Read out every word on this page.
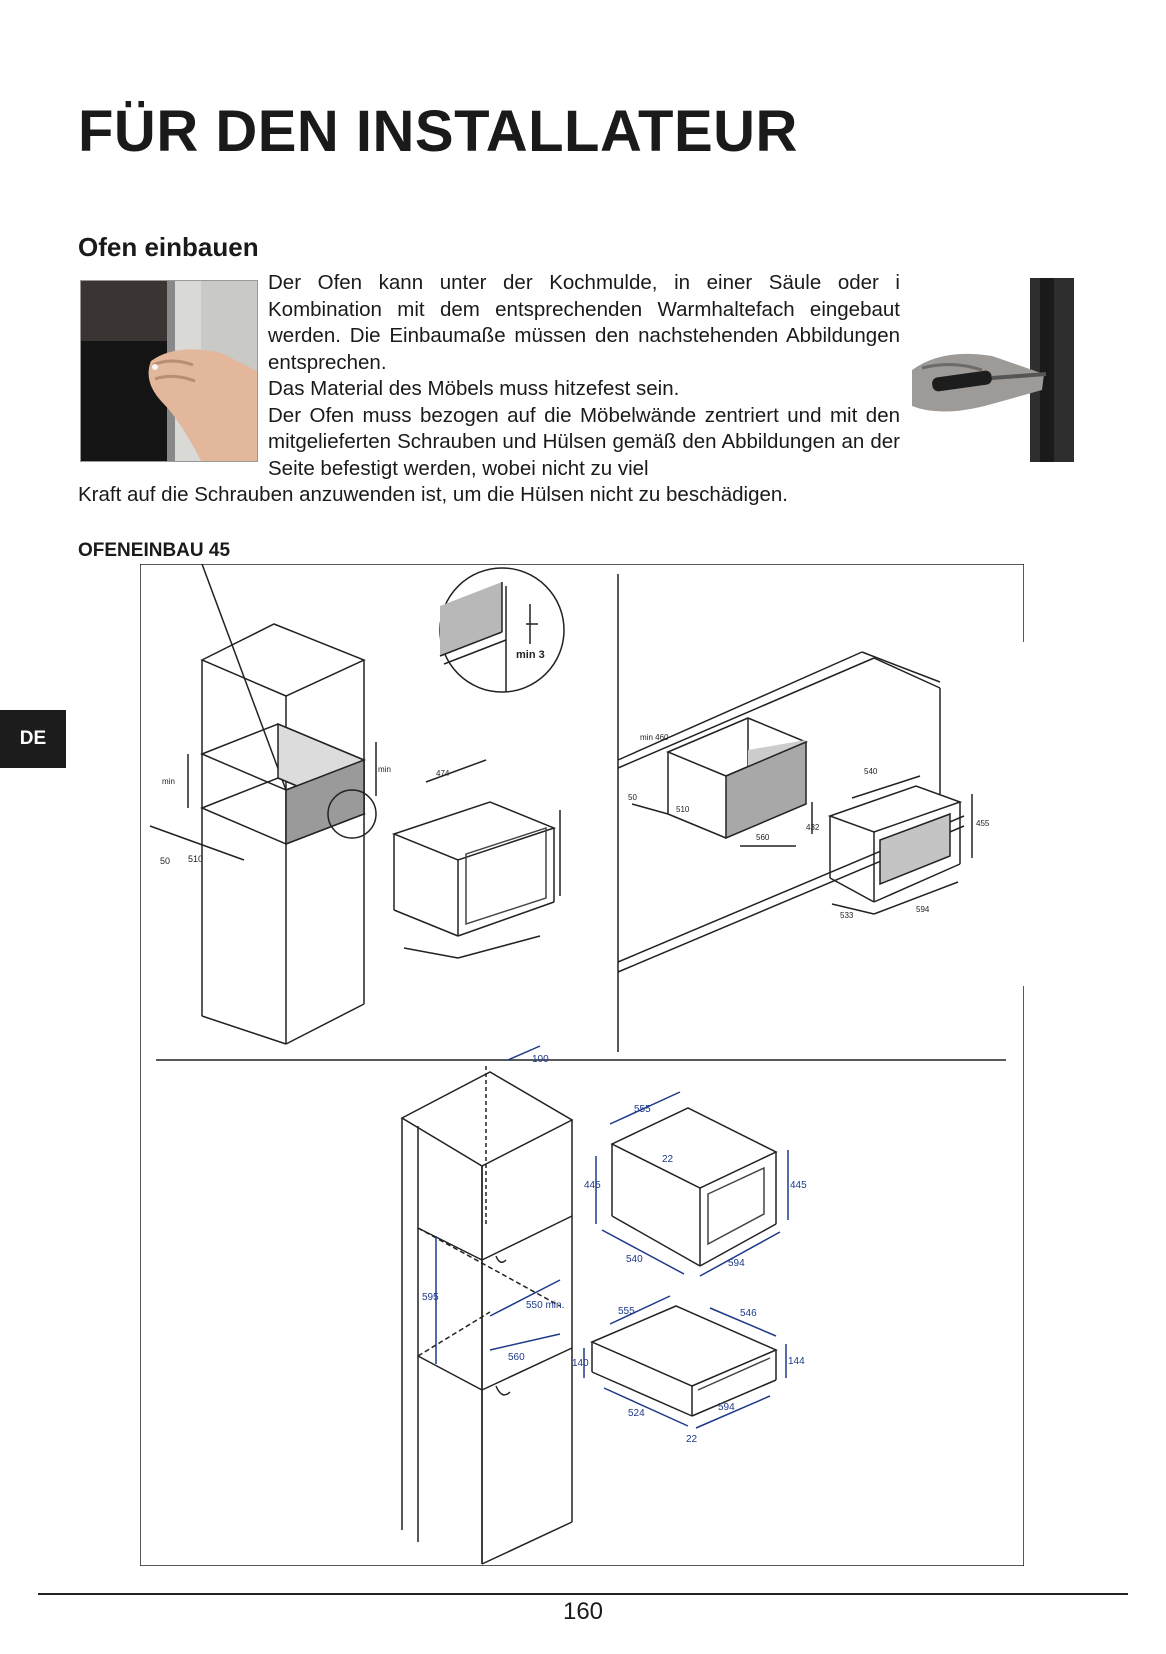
FÜR DEN INSTALLATEUR
Ofen einbauen

Der Ofen kann unter der Kochmulde, in einer Säule oder i Kombination mit dem entsprechenden Warmhaltefach eingebaut werden. Die Einbaumaße müssen den nachstehenden Abbildungen entsprechen.

Das Material des Möbels muss hitzefest sein.

Der Ofen muss bezogen auf die Möbelwände zentriert und mit den mitgelieferten Schrauben und Hülsen gemäß den Abbildungen an der Seite befestigt werden, wobei nicht zu viel

Kraft auf die Schrauben anzuwenden ist, um die Hülsen nicht zu beschädigen.
OFENEINBAU 45
DE
50 510
min
min
min 3
474
50
min 460
510
560
432
540
455
533
594
100
595
550 min.
560
555
22
445	445
540	594
555	546
140	144
524
594
22
160
